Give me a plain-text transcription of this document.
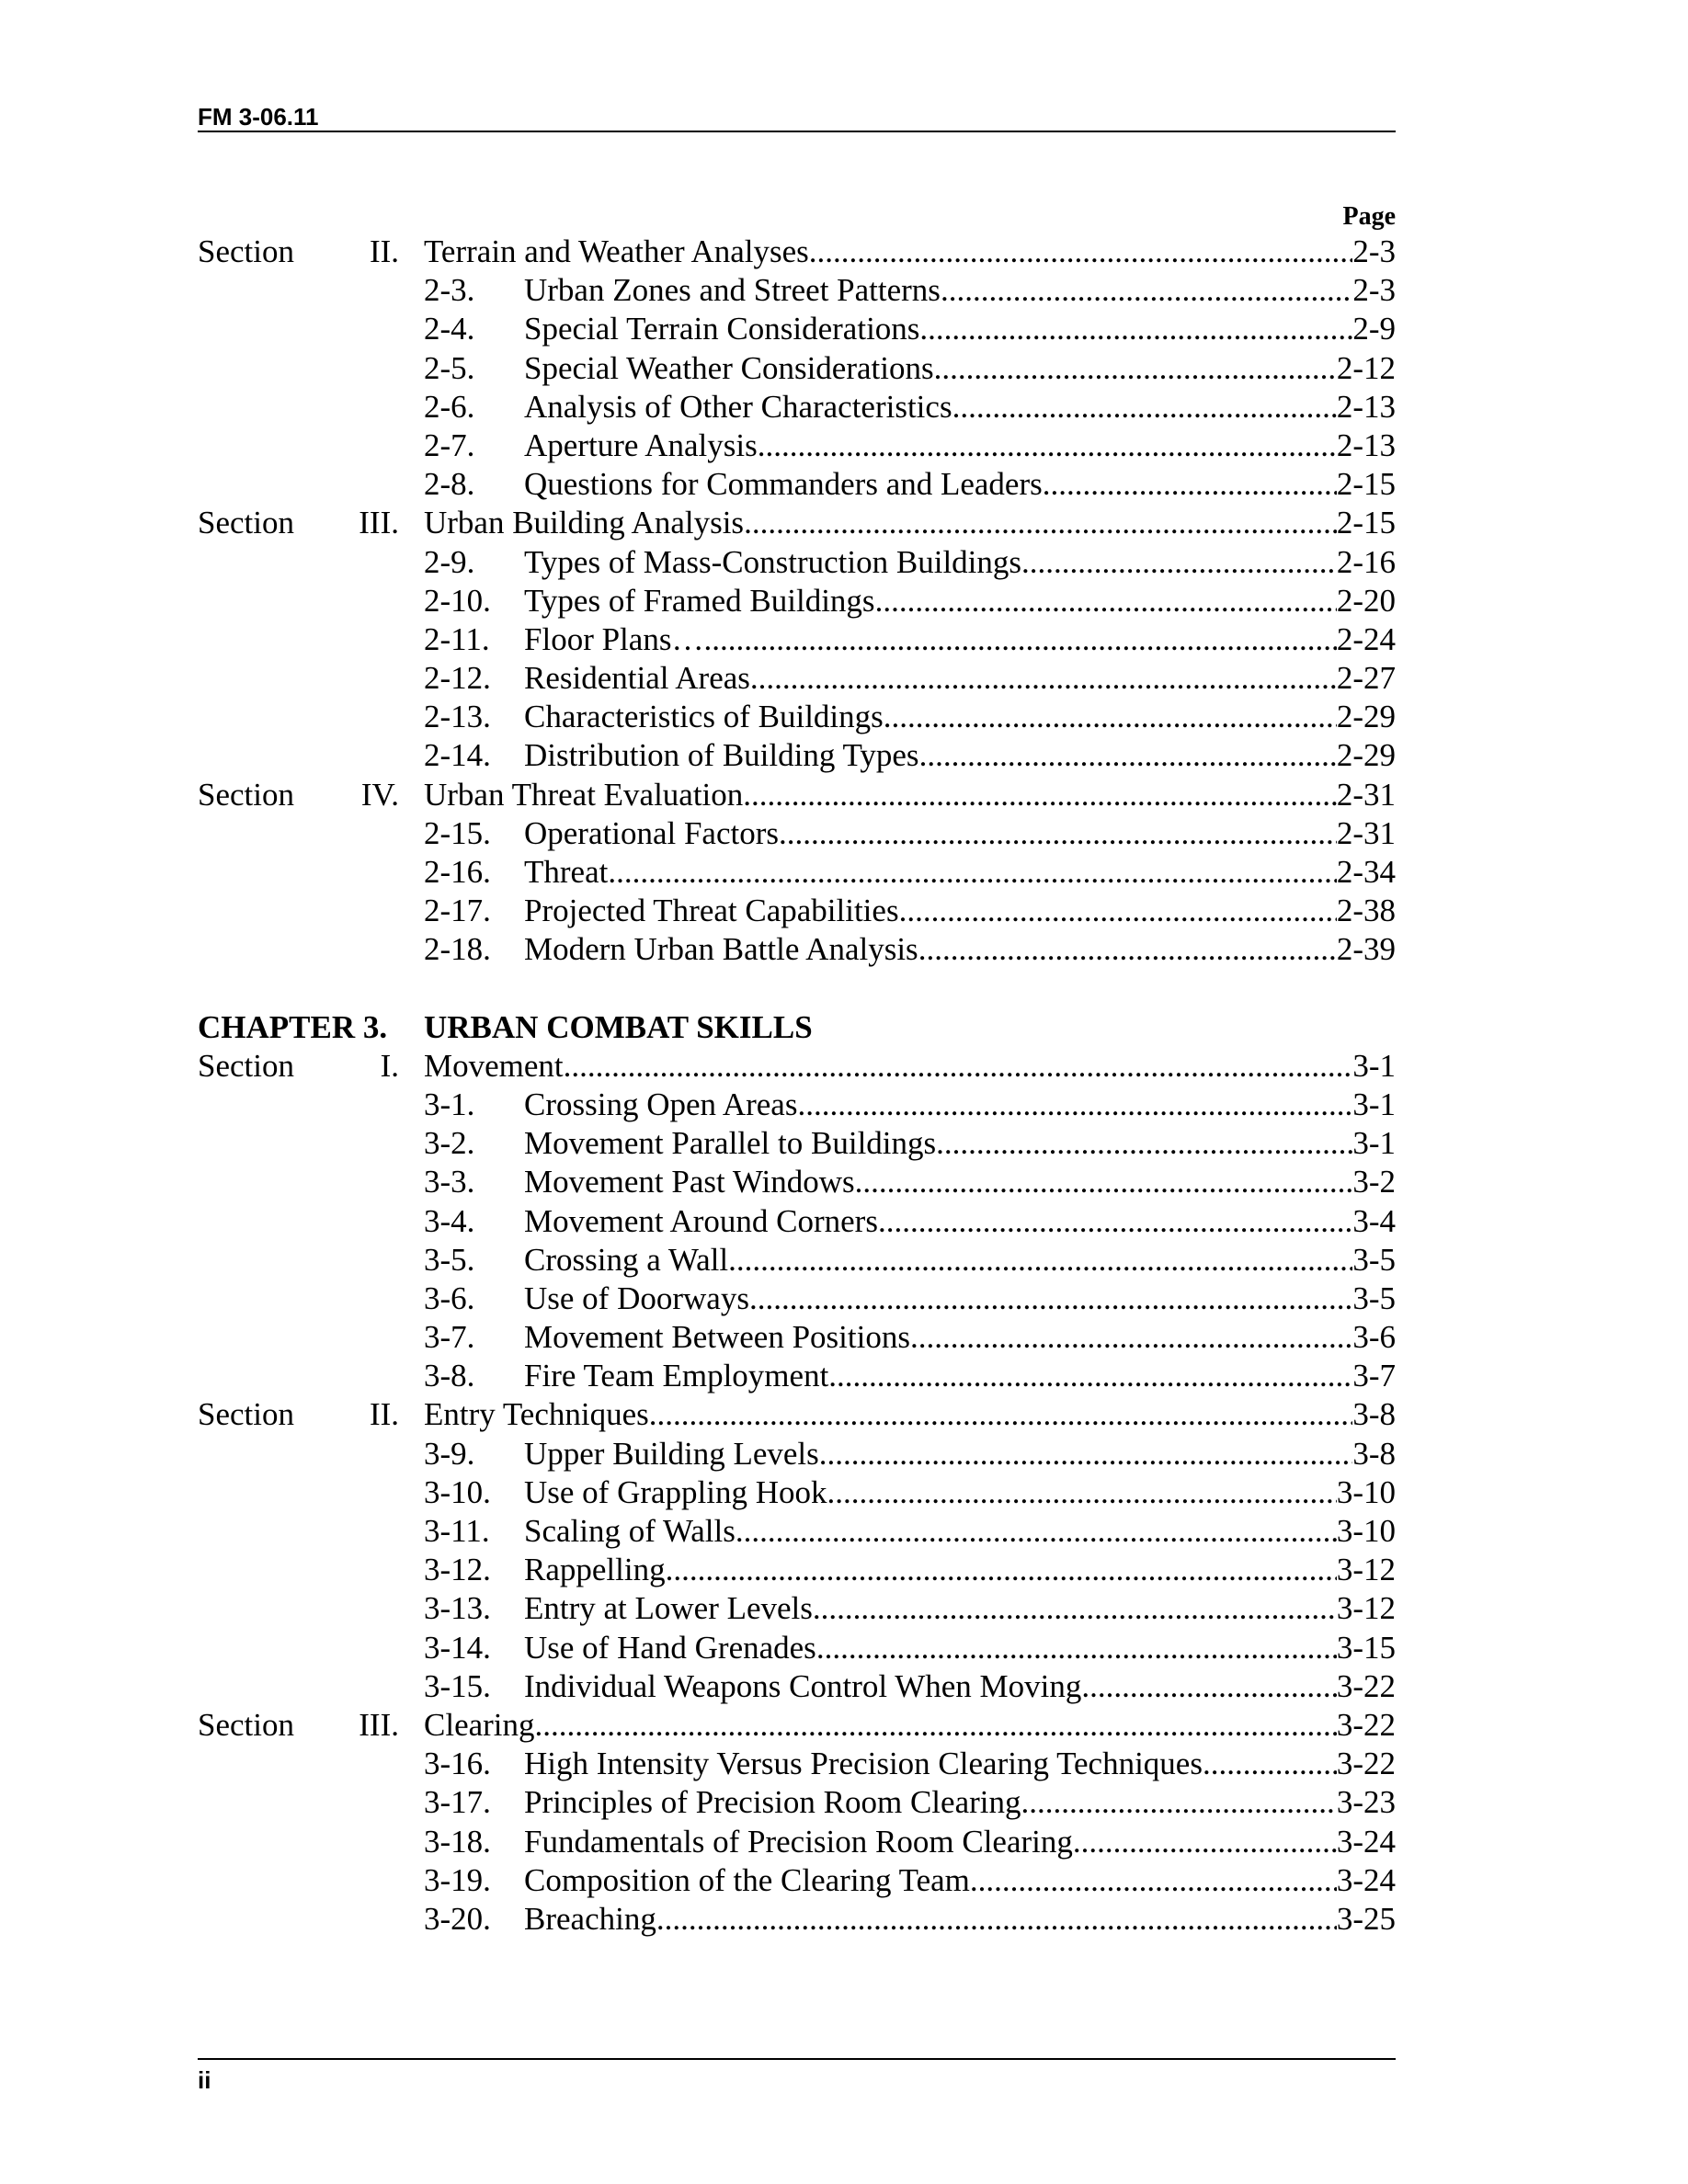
FM 3-06.11
Page
Section II. Terrain and Weather Analyses .....	2-3
2-3. Urban Zones and Street Patterns .....	2-3
2-4. Special Terrain Considerations .....	2-9
2-5. Special Weather Considerations .....	2-12
2-6. Analysis of Other Characteristics .....	2-13
2-7. Aperture Analysis .....	2-13
2-8. Questions for Commanders and Leaders .....	2-15
Section III. Urban Building Analysis .....	2-15
2-9. Types of Mass-Construction Buildings .....	2-16
2-10. Types of Framed Buildings .....	2-20
2-11. Floor Plans… .....	2-24
2-12. Residential Areas .....	2-27
2-13. Characteristics of Buildings .....	2-29
2-14. Distribution of Building Types .....	2-29
Section IV. Urban Threat Evaluation .....	2-31
2-15. Operational Factors .....	2-31
2-16. Threat .....	2-34
2-17. Projected Threat Capabilities .....	2-38
2-18. Modern Urban Battle Analysis .....	2-39
CHAPTER 3. URBAN COMBAT SKILLS
Section	I. Movement .....	3-1
3-1. Crossing Open Areas .....	3-1
3-2. Movement Parallel to Buildings .....	3-1
3-3. Movement Past Windows .....	3-2
3-4. Movement Around Corners .....	3-4
3-5. Crossing a Wall .....	3-5
3-6. Use of Doorways .....	3-5
3-7. Movement Between Positions .....	3-6
3-8. Fire Team Employment .....	3-7
Section II. Entry Techniques .....	3-8
3-9. Upper Building Levels .....	3-8
3-10. Use of Grappling Hook .....	3-10
3-11. Scaling of Walls .....	3-10
3-12. Rappelling .....	3-12
3-13. Entry at Lower Levels .....	3-12
3-14. Use of Hand Grenades .....	3-15
3-15. Individual Weapons Control When Moving .....	3-22
Section III. Clearing .....	3-22
3-16. High Intensity Versus Precision Clearing Techniques .....	3-22
3-17. Principles of Precision Room Clearing .....	3-23
3-18. Fundamentals of Precision Room Clearing .....	3-24
3-19. Composition of the Clearing Team .....	3-24
3-20. Breaching .....	3-25
ii
